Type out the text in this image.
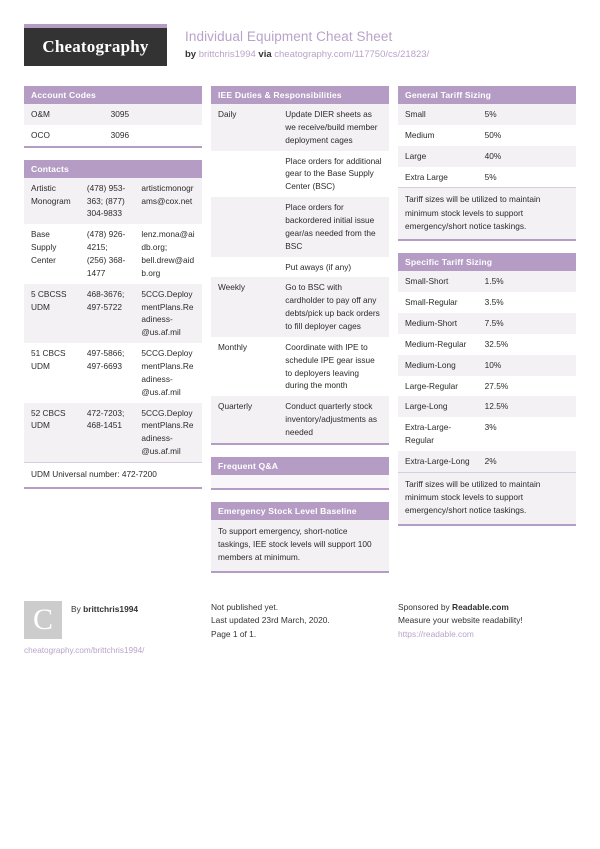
Cheatography
Individual Equipment Cheat Sheet
by brittchris1994 via cheatography.com/117750/cs/21823/
Account Codes
O&M	3095
OCO	3096
Contacts
Artistic Monogram	(478) 953-363; (877) 304-9833	artisticmonograms@cox.net
Base Supply Center	(478) 926-4215; (256) 368-1477	lenz.mona@aidb.org; bell.drew@aidb.org
5 CBCSS UDM	468-3676; 497-5722	5CCG.DeploymentPlans.Readiness-@us.af.mil
51 CBCS UDM	497-5866; 497-6693	5CCG.DeploymentPlans.Readiness-@us.af.mil
52 CBCS UDM	472-7203; 468-1451	5CCG.DeploymentPlans.Readiness-@us.af.mil
UDM Universal number: 472-7200
IEE Duties & Responsibilities
Daily	Update DIER sheets as we receive/build member deployment cages
	Place orders for additional gear to the Base Supply Center (BSC)
	Place orders for backordered initial issue gear/as needed from the BSC
	Put aways (if any)
Weekly	Go to BSC with cardholder to pay off any debts/pick up back orders to fill deployer cages
Monthly	Coordinate with IPE to schedule IPE gear issue to deployers leaving during the month
Quarterly	Conduct quarterly stock inventory/adjustments as needed
Frequent Q&A
Emergency Stock Level Baseline
To support emergency, short-notice taskings, IEE stock levels will support 100 members at minimum.
General Tariff Sizing
Small	5%
Medium	50%
Large	40%
Extra Large	5%
Tariff sizes will be utilized to maintain minimum stock levels to support emergency/short notice taskings.
Specific Tariff Sizing
Small-Short	1.5%
Small-Regular	3.5%
Medium-Short	7.5%
Medium-Regular	32.5%
Medium-Long	10%
Large-Regular	27.5%
Large-Long	12.5%
Extra-Large-Regular	3%
Extra-Large-Long	2%
Tariff sizes will be utilized to maintain minimum stock levels to support emergency/short notice taskings.
C	By brittchris1994
cheatography.com/brittchris1994/
Not published yet.
Last updated 23rd March, 2020.
Page 1 of 1.
Sponsored by Readable.com
Measure your website readability!
https://readable.com
